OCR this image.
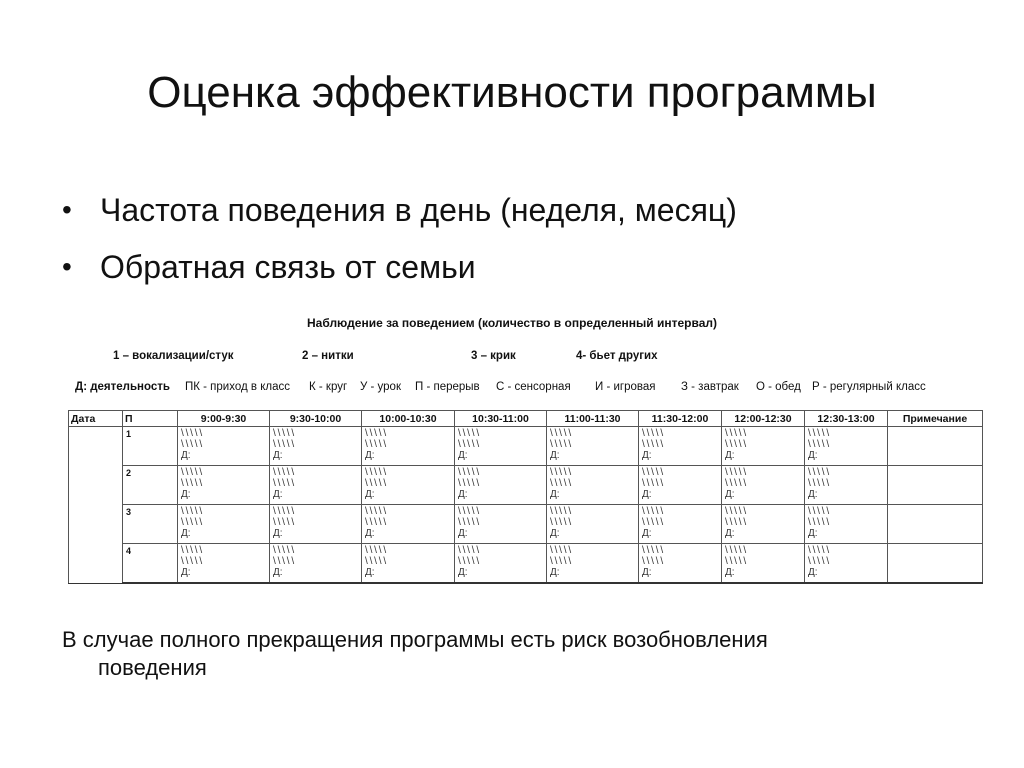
Оценка эффективности программы
• Частота поведения в день (неделя, месяц)
• Обратная связь от семьи
Наблюдение за поведением (количество в определенный интервал)
1 – вокализации/стук	2 – нитки	3 – крик	4- бьет других
Д: деятельность ПК - приход в класс К - круг У - урок П - перерыв С - сенсорная И - игровая З - завтрак О - обед Р - регулярный класс
Дата	П	9:00-9:30	9:30-10:00	10:00-10:30	10:30-11:00	11:00-11:30	11:30-12:00	12:00-12:30	12:30-13:00	Примечание

	1	\\\\\
\\\\\
Д:	\\\\\
\\\\\
Д:	\\\\\
\\\\\
Д:	\\\\\
\\\\\
Д:	\\\\\
\\\\\
Д:	\\\\\
\\\\\
Д:	\\\\\
\\\\\
Д:	\\\\\
\\\\\
Д:	

	2	\\\\\
\\\\\
Д:	\\\\\
\\\\\
Д:	\\\\\
\\\\\
Д:	\\\\\
\\\\\
Д:	\\\\\
\\\\\
Д:	\\\\\
\\\\\
Д:	\\\\\
\\\\\
Д:	\\\\\
\\\\\
Д:	

	3	\\\\\
\\\\\
Д:	\\\\\
\\\\\
Д:	\\\\\
\\\\\
Д:	\\\\\
\\\\\
Д:	\\\\\
\\\\\
Д:	\\\\\
\\\\\
Д:	\\\\\
\\\\\
Д:	\\\\\
\\\\\
Д:	

	4	\\\\\
\\\\\
Д:	\\\\\
\\\\\
Д:	\\\\\
\\\\\
Д:	\\\\\
\\\\\
Д:	\\\\\
\\\\\
Д:	\\\\\
\\\\\
Д:	\\\\\
\\\\\
Д:	\\\\\
\\\\\
Д:	

В случае полного прекращения программы есть риск возобновления
поведения
